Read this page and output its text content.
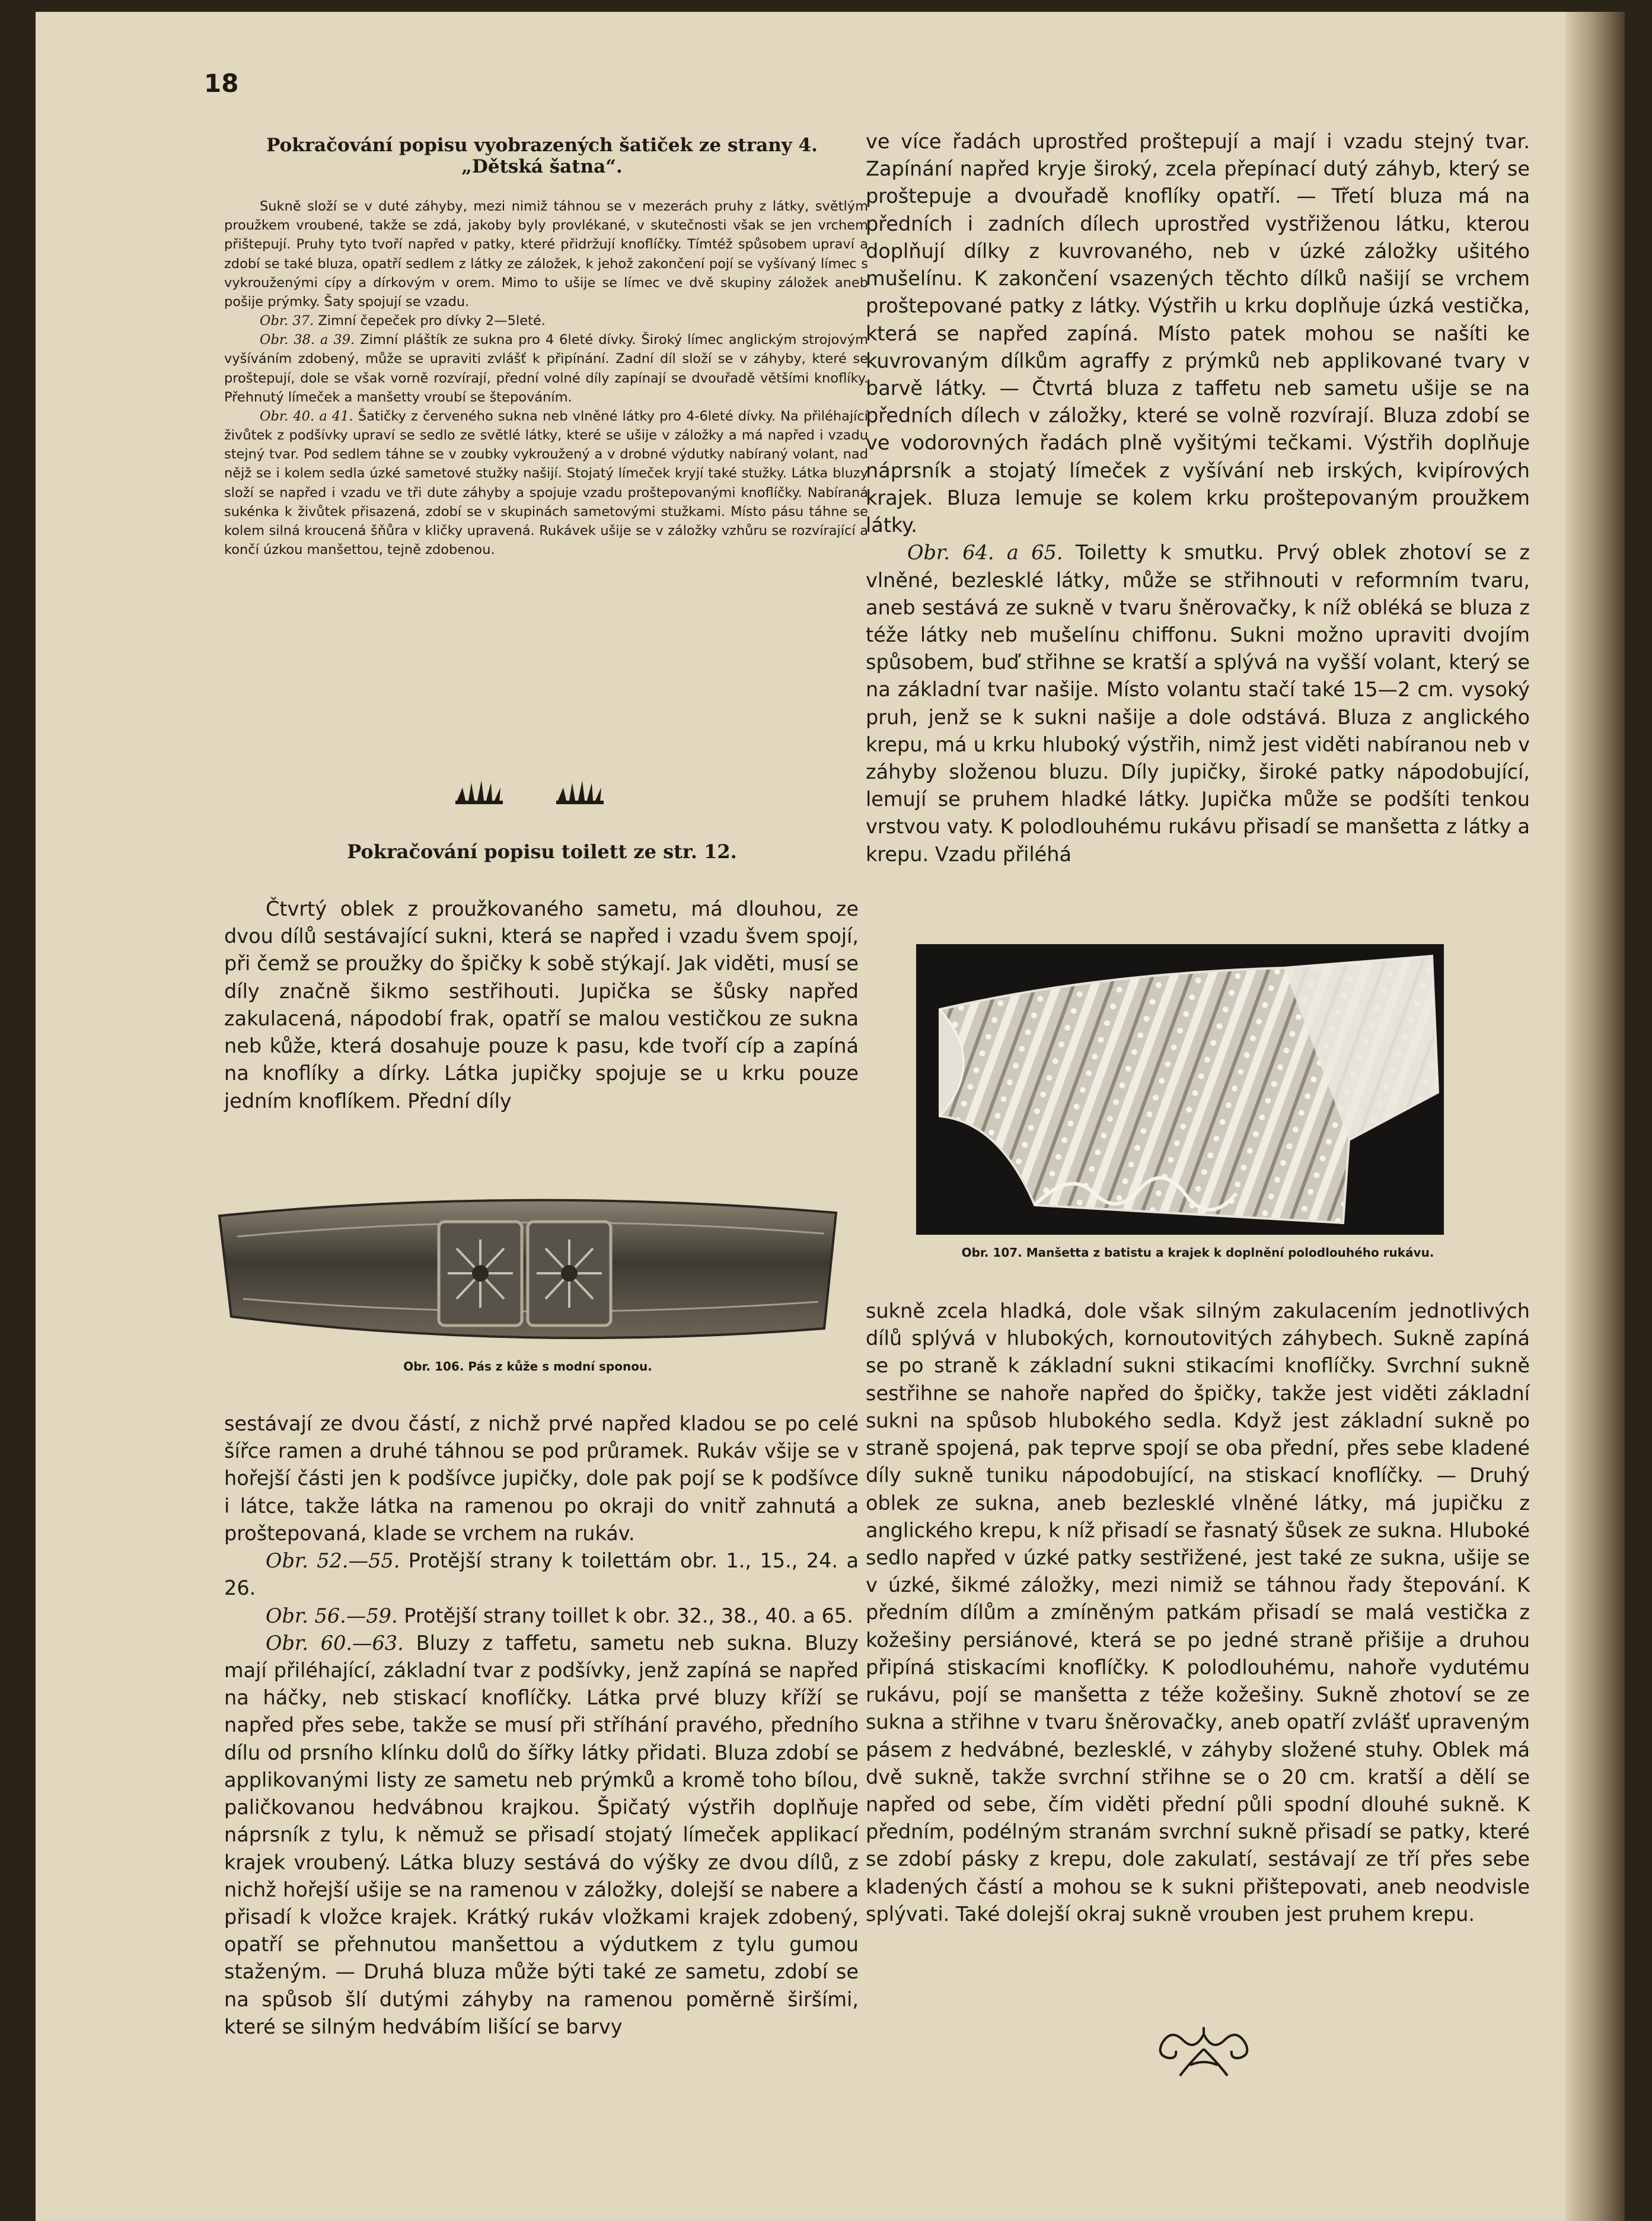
18
Pokračování popisu vyobrazených šatiček ze strany 4.
„Dětská šatna“.

Sukně složí se v duté záhyby, mezi nimiž táhnou se v mezerách pruhy z látky, světlým proužkem vroubené, takže se zdá, jakoby byly provlékané, v skutečnosti však se jen vrchem přištepují. Pruhy tyto tvoří napřed v patky, které přidržují knoflíčky. Tímtéž spůsobem upraví a zdobí se také bluza, opatří sedlem z látky ze záložek, k jehož zakončení pojí se vyšívaný límec s vykrouženými cípy a dírkovým v orem. Mimo to ušije se límec ve dvě skupiny záložek aneb pošije prýmky. Šaty spojují se vzadu.

Obr. 37. Zimní čepeček pro dívky 2—5leté.

Obr. 38. a 39. Zimní pláštík ze sukna pro 4 6leté dívky. Široký límec anglickým strojovým vyšíváním zdobený, může se upraviti zvlášť k připínání. Zadní díl složí se v záhyby, které se proštepují, dole se však vorně rozvírají, přední volné díly zapínají se dvouřadě většími knoflíky. Přehnutý límeček a manšetty vroubí se štepováním.

Obr. 40. a 41. Šatičky z červeného sukna neb vlněné látky pro 4-6leté dívky. Na přiléhající živůtek z podšívky upraví se sedlo ze světlé látky, které se ušije v záložky a má napřed i vzadu stejný tvar. Pod sedlem táhne se v zoubky vykroužený a v drobné výdutky nabíraný volant, nad nějž se i kolem sedla úzké sametové stužky našijí. Stojatý límeček kryjí také stužky. Látka bluzy složí se napřed i vzadu ve tři dute záhyby a spojuje vzadu proštepovanými knoflíčky. Nabíraná sukénka k živůtek přisazená, zdobí se v skupinách sametovými stužkami. Místo pásu táhne se kolem silná kroucená šňůra v kličky upravená. Rukávek ušije se v záložky vzhůru se rozvírající a končí úzkou manšettou, tejně zdobenou.

Pokračování popisu toilett ze str. 12.

Čtvrtý oblek z proužkovaného sametu, má dlouhou, ze dvou dílů sestávající sukni, která se napřed i vzadu švem spojí, při čemž se proužky do špičky k sobě stýkají. Jak viděti, musí se díly značně šikmo sestřihouti. Jupička se šůsky napřed zakulacená, nápodobí frak, opatří se malou vestičkou ze sukna neb kůže, která dosahuje pouze k pasu, kde tvoří cíp a zapíná na knoflíky a dírky. Látka jupičky spojuje se u krku pouze jedním knoflíkem. Přední díly

Obr. 106. Pás z kůže s modní sponou.

sestávají ze dvou částí, z nichž prvé napřed kladou se po celé šířce ramen a druhé táhnou se pod průramek. Rukáv všije se v hořejší části jen k podšívce jupičky, dole pak pojí se k podšívce i látce, takže látka na ramenou po okraji do vnitř zahnutá a proštepovaná, klade se vrchem na rukáv.

Obr. 52.—55. Protější strany k toilettám obr. 1., 15., 24. a 26.

Obr. 56.—59. Protější strany toillet k obr. 32., 38., 40. a 65.

Obr. 60.—63. Bluzy z taffetu, sametu neb sukna. Bluzy mají přiléhající, základní tvar z podšívky, jenž zapíná se napřed na háčky, neb stiskací knoflíčky. Látka prvé bluzy kříží se napřed přes sebe, takže se musí při stříhání pravého, předního dílu od prsního klínku dolů do šířky látky přidati. Bluza zdobí se applikovanými listy ze sametu neb prýmků a kromě toho bílou, paličkovanou hedvábnou krajkou. Špičatý výstřih doplňuje náprsník z tylu, k němuž se přisadí stojatý límeček applikací krajek vroubený. Látka bluzy sestává do výšky ze dvou dílů, z nichž hořejší ušije se na ramenou v záložky, dolejší se nabere a přisadí k vložce krajek. Krátký rukáv vložkami krajek zdobený, opatří se přehnutou manšettou a výdutkem z tylu gumou staženým. — Druhá bluza může býti také ze sametu, zdobí se na spůsob šlí dutými záhyby na ramenou poměrně širšími, které se silným hedvábím lišící se barvy

ve více řadách uprostřed proštepují a mají i vzadu stejný tvar. Zapínání napřed kryje široký, zcela přepínací dutý záhyb, který se proštepuje a dvouřadě knoflíky opatří. — Třetí bluza má na předních i zadních dílech uprostřed vystřiženou látku, kterou doplňují dílky z kuvrovaného, neb v úzké záložky ušitého mušelínu. K zakončení vsazených těchto dílků našijí se vrchem proštepované patky z látky. Výstřih u krku doplňuje úzká vestička, která se napřed zapíná. Místo patek mohou se našíti ke kuvrovaným dílkům agraffy z prýmků neb applikované tvary v barvě látky. — Čtvrtá bluza z taffetu neb sametu ušije se na předních dílech v záložky, které se volně rozvírají. Bluza zdobí se ve vodorovných řadách plně vyšitými tečkami. Výstřih doplňuje náprsník a stojatý límeček z vyšívání neb irských, kvipírových krajek. Bluza lemuje se kolem krku proštepovaným proužkem látky.

Obr. 64. a 65. Toiletty k smutku. Prvý oblek zhotoví se z vlněné, bezlesklé látky, může se střihnouti v reformním tvaru, aneb sestává ze sukně v tvaru šněrovačky, k níž obléká se bluza z téže látky neb mušelínu chiffonu. Sukni možno upraviti dvojím spůsobem, buď střihne se kratší a splývá na vyšší volant, který se na základní tvar našije. Místo volantu stačí také 15—2 cm. vysoký pruh, jenž se k sukni našije a dole odstává. Bluza z anglického krepu, má u krku hluboký výstřih, nimž jest viděti nabíranou neb v záhyby složenou bluzu. Díly jupičky, široké patky nápodobující, lemují se pruhem hladké látky. Jupička může se podšíti tenkou vrstvou vaty. K polodlouhému rukávu přisadí se manšetta z látky a krepu. Vzadu přiléhá

Obr. 107. Manšetta z batistu a krajek k doplnění polodlouhého rukávu.

sukně zcela hladká, dole však silným zakulacením jednotlivých dílů splývá v hlubokých, kornoutovitých záhybech. Sukně zapíná se po straně k základní sukni stikacími knoflíčky. Svrchní sukně sestřihne se nahoře napřed do špičky, takže jest viděti základní sukni na spůsob hlubokého sedla. Když jest základní sukně po straně spojená, pak teprve spojí se oba přední, přes sebe kladené díly sukně tuniku nápodobující, na stiskací knoflíčky. — Druhý oblek ze sukna, aneb bezlesklé vlněné látky, má jupičku z anglického krepu, k níž přisadí se řasnatý šůsek ze sukna. Hluboké sedlo napřed v úzké patky sestřižené, jest také ze sukna, ušije se v úzké, šikmé záložky, mezi nimiž se táhnou řady štepování. K předním dílům a zmíněným patkám přisadí se malá vestička z kožešiny persiánové, která se po jedné straně přišije a druhou připíná stiskacími knoflíčky. K polodlouhému, nahoře vydutému rukávu, pojí se manšetta z téže kožešiny. Sukně zhotoví se ze sukna a střihne v tvaru šněrovačky, aneb opatří zvlášť upraveným pásem z hedvábné, bezlesklé, v záhyby složené stuhy. Oblek má dvě sukně, takže svrchní střihne se o 20 cm. kratší a dělí se napřed od sebe, čím viděti přední půli spodní dlouhé sukně. K předním, podélným stranám svrchní sukně přisadí se patky, které se zdobí pásky z krepu, dole zakulatí, sestávají ze tří přes sebe kladených částí a mohou se k sukni přištepovati, aneb neodvisle splývati. Také dolejší okraj sukně vrouben jest pruhem krepu.
